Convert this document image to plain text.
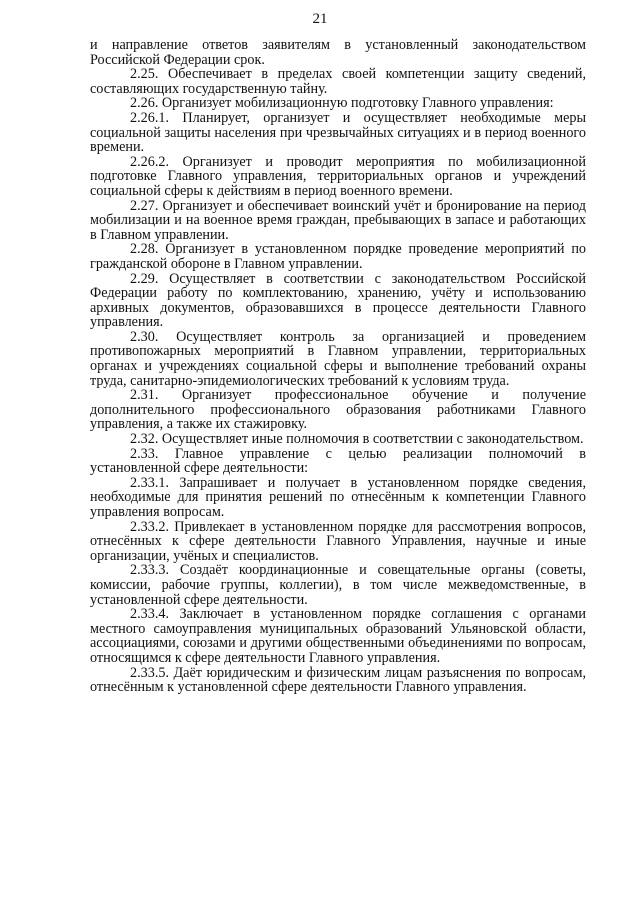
21

и направление ответов заявителям в установленный законодательством Российской Федерации срок.

2.25. Обеспечивает в пределах своей компетенции защиту сведений, составляющих государственную тайну.

2.26. Организует мобилизационную подготовку Главного управления:

2.26.1. Планирует, организует и осуществляет необходимые меры социальной защиты населения при чрезвычайных ситуациях и в период военного времени.

2.26.2. Организует и проводит мероприятия по мобилизационной подготовке Главного управления, территориальных органов и учреждений социальной сферы к действиям в период военного времени.

2.27. Организует и обеспечивает воинский учёт и бронирование на период мобилизации и на военное время граждан, пребывающих в запасе и работающих в Главном управлении.

2.28. Организует в установленном порядке проведение мероприятий по гражданской обороне в Главном управлении.

2.29. Осуществляет в соответствии с законодательством Российской Федерации работу по комплектованию, хранению, учёту и использованию архивных документов, образовавшихся в процессе деятельности Главного управления.

2.30. Осуществляет контроль за организацией и проведением противопожарных мероприятий в Главном управлении, территориальных органах и учреждениях социальной сферы и выполнение требований охраны труда, санитарно-эпидемиологических требований к условиям труда.

2.31. Организует профессиональное обучение и получение дополнительного профессионального образования работниками Главного управления, а также их стажировку.

2.32. Осуществляет иные полномочия в соответствии с законодательством.

2.33. Главное управление с целью реализации полномочий в установленной сфере деятельности:

2.33.1. Запрашивает и получает в установленном порядке сведения, необходимые для принятия решений по отнесённым к компетенции Главного управления вопросам.

2.33.2. Привлекает в установленном порядке для рассмотрения вопросов, отнесённых к сфере деятельности Главного Управления, научные и иные организации, учёных и специалистов.

2.33.3. Создаёт координационные и совещательные органы (советы, комиссии, рабочие группы, коллегии), в том числе межведомственные, в установленной сфере деятельности.

2.33.4. Заключает в установленном порядке соглашения с органами местного самоуправления муниципальных образований Ульяновской области, ассоциациями, союзами и другими общественными объединениями по вопросам, относящимся к сфере деятельности Главного управления.

2.33.5. Даёт юридическим и физическим лицам разъяснения по вопросам, отнесённым к установленной сфере деятельности Главного управления.
